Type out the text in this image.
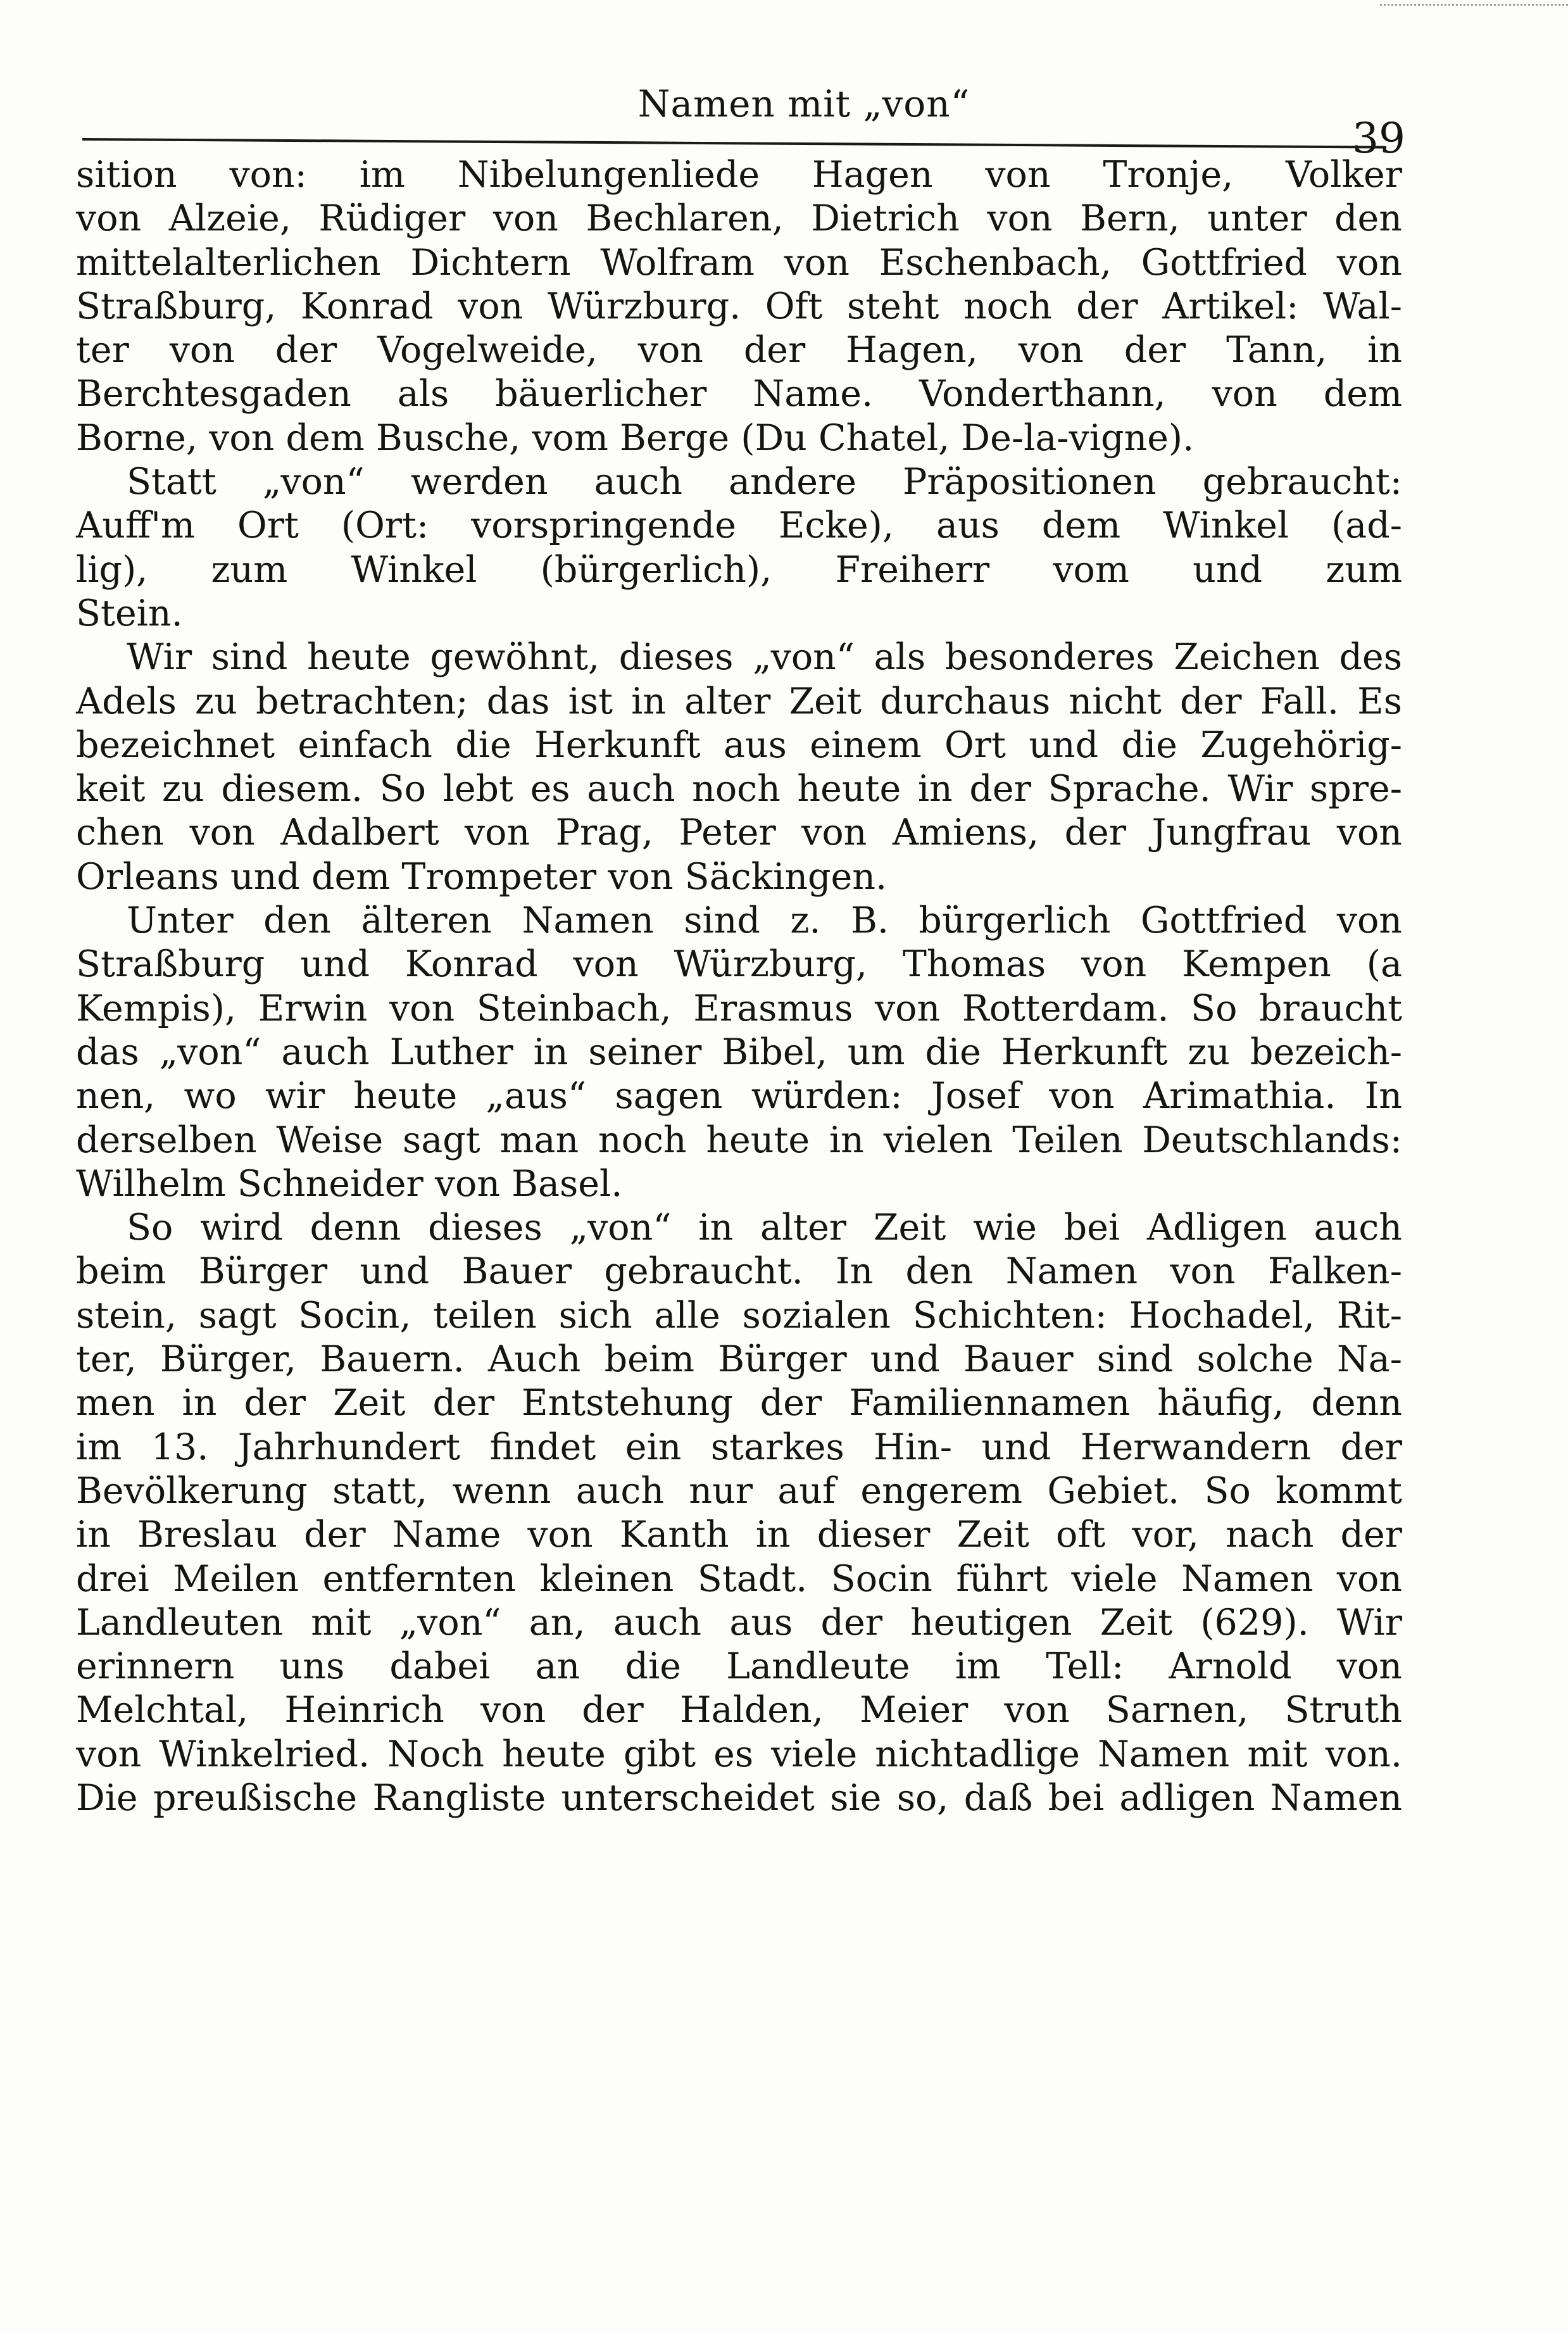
Namen mit „von“
39
sition von: im Nibelungenliede Hagen von Tronje, Volker
von Alzeie, Rüdiger von Bechlaren, Dietrich von Bern, unter den
mittelalterlichen Dichtern Wolfram von Eschenbach, Gottfried von
Straßburg, Konrad von Würzburg. Oft steht noch der Artikel: Wal-
ter von der Vogelweide, von der Hagen, von der Tann, in
Berchtesgaden als bäuerlicher Name. Vonderthann, von dem
Borne, von dem Busche, vom Berge (Du Chatel, De-la-vigne).
Statt „von“ werden auch andere Präpositionen gebraucht:
Auff'm Ort (Ort: vorspringende Ecke), aus dem Winkel (ad-
lig), zum Winkel (bürgerlich), Freiherr vom und zum
Stein.
Wir sind heute gewöhnt, dieses „von“ als besonderes Zeichen des
Adels zu betrachten; das ist in alter Zeit durchaus nicht der Fall. Es
bezeichnet einfach die Herkunft aus einem Ort und die Zugehörig-
keit zu diesem. So lebt es auch noch heute in der Sprache. Wir spre-
chen von Adalbert von Prag, Peter von Amiens, der Jungfrau von
Orleans und dem Trompeter von Säckingen.
Unter den älteren Namen sind z. B. bürgerlich Gottfried von
Straßburg und Konrad von Würzburg, Thomas von Kempen (a
Kempis), Erwin von Steinbach, Erasmus von Rotterdam. So braucht
das „von“ auch Luther in seiner Bibel, um die Herkunft zu bezeich-
nen, wo wir heute „aus“ sagen würden: Josef von Arimathia. In
derselben Weise sagt man noch heute in vielen Teilen Deutschlands:
Wilhelm Schneider von Basel.
So wird denn dieses „von“ in alter Zeit wie bei Adligen auch
beim Bürger und Bauer gebraucht. In den Namen von Falken-
stein, sagt Socin, teilen sich alle sozialen Schichten: Hochadel, Rit-
ter, Bürger, Bauern. Auch beim Bürger und Bauer sind solche Na-
men in der Zeit der Entstehung der Familiennamen häufig, denn
im 13. Jahrhundert findet ein starkes Hin- und Herwandern der
Bevölkerung statt, wenn auch nur auf engerem Gebiet. So kommt
in Breslau der Name von Kanth in dieser Zeit oft vor, nach der
drei Meilen entfernten kleinen Stadt. Socin führt viele Namen von
Landleuten mit „von“ an, auch aus der heutigen Zeit (629). Wir
erinnern uns dabei an die Landleute im Tell: Arnold von
Melchtal, Heinrich von der Halden, Meier von Sarnen, Struth
von Winkelried. Noch heute gibt es viele nichtadlige Namen mit von.
Die preußische Rangliste unterscheidet sie so, daß bei adligen Namen
